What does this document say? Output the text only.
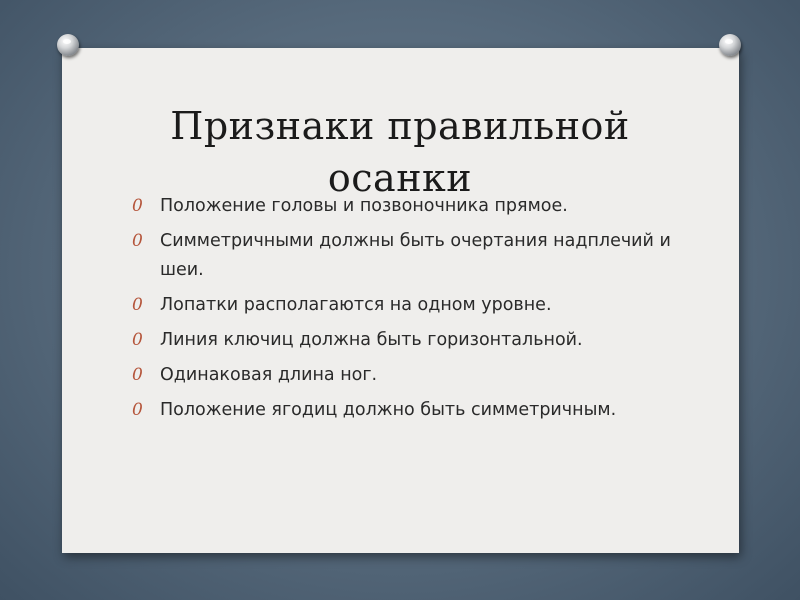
Признаки правильной
осанки
0 Положение головы и позвоночника прямое.
0 Симметричными должны быть очертания надплечий и шеи.
0 Лопатки располагаются на одном уровне.
0 Линия ключиц должна быть горизонтальной.
0 Одинаковая длина ног.
0 Положение ягодиц должно быть симметричным.
